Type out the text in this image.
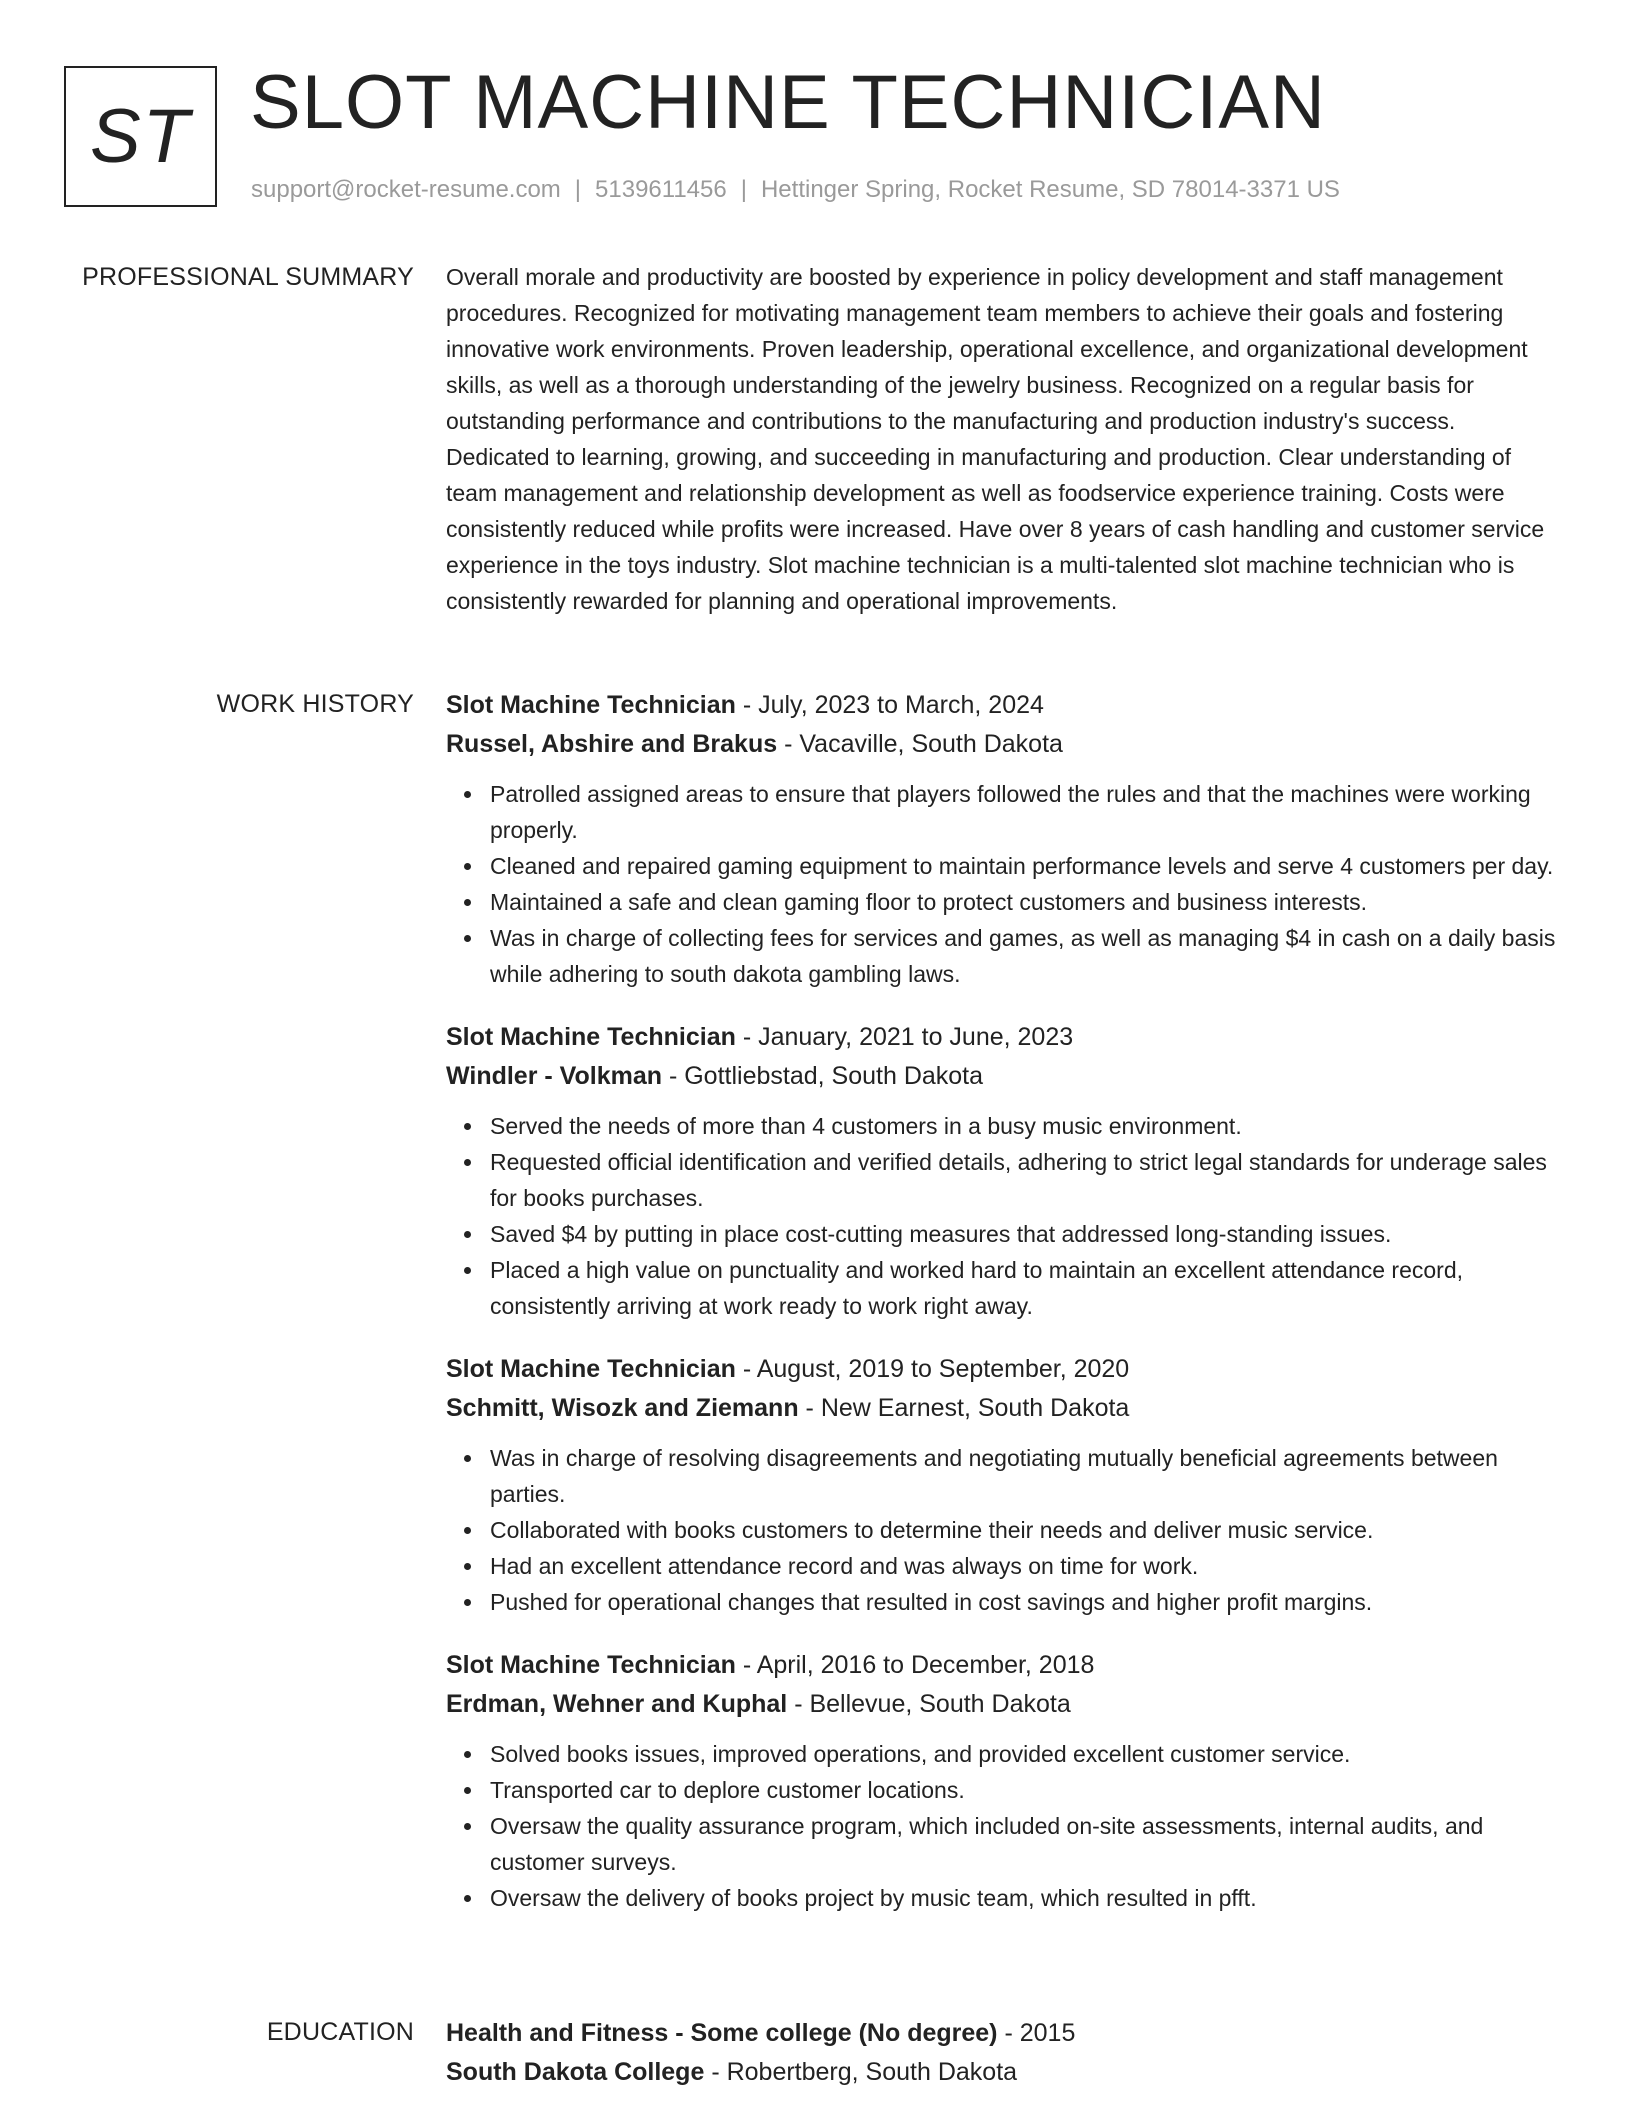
ST SLOT MACHINE TECHNICIAN
support@rocket-resume.com | 5139611456 | Hettinger Spring, Rocket Resume, SD 78014-3371 US
PROFESSIONAL SUMMARY Overall morale and productivity are boosted by experience in policy development and staff management procedures. Recognized for motivating management team members to achieve their goals and fostering innovative work environments. Proven leadership, operational excellence, and organizational development skills, as well as a thorough understanding of the jewelry business. Recognized on a regular basis for outstanding performance and contributions to the manufacturing and production industry's success. Dedicated to learning, growing, and succeeding in manufacturing and production. Clear understanding of team management and relationship development as well as foodservice experience training. Costs were consistently reduced while profits were increased. Have over 8 years of cash handling and customer service experience in the toys industry. Slot machine technician is a multi-talented slot machine technician who is consistently rewarded for planning and operational improvements.

WORK HISTORY Slot Machine Technician - July, 2023 to March, 2024
Russel, Abshire and Brakus - Vacaville, South Dakota
Patrolled assigned areas to ensure that players followed the rules and that the machines were working properly.
Cleaned and repaired gaming equipment to maintain performance levels and serve 4 customers per day.
Maintained a safe and clean gaming floor to protect customers and business interests.
Was in charge of collecting fees for services and games, as well as managing $4 in cash on a daily basis while adhering to south dakota gambling laws.
Slot Machine Technician - January, 2021 to June, 2023
Windler - Volkman - Gottliebstad, South Dakota
Served the needs of more than 4 customers in a busy music environment.
Requested official identification and verified details, adhering to strict legal standards for underage sales for books purchases.
Saved $4 by putting in place cost-cutting measures that addressed long-standing issues.
Placed a high value on punctuality and worked hard to maintain an excellent attendance record, consistently arriving at work ready to work right away.
Slot Machine Technician - August, 2019 to September, 2020
Schmitt, Wisozk and Ziemann - New Earnest, South Dakota
Was in charge of resolving disagreements and negotiating mutually beneficial agreements between parties.
Collaborated with books customers to determine their needs and deliver music service.
Had an excellent attendance record and was always on time for work.
Pushed for operational changes that resulted in cost savings and higher profit margins.
Slot Machine Technician - April, 2016 to December, 2018
Erdman, Wehner and Kuphal - Bellevue, South Dakota
Solved books issues, improved operations, and provided excellent customer service.
Transported car to deplore customer locations.
Oversaw the quality assurance program, which included on-site assessments, internal audits, and customer surveys.
Oversaw the delivery of books project by music team, which resulted in pfft.
EDUCATION Health and Fitness - Some college (No degree) - 2015
South Dakota College - Robertberg, South Dakota
